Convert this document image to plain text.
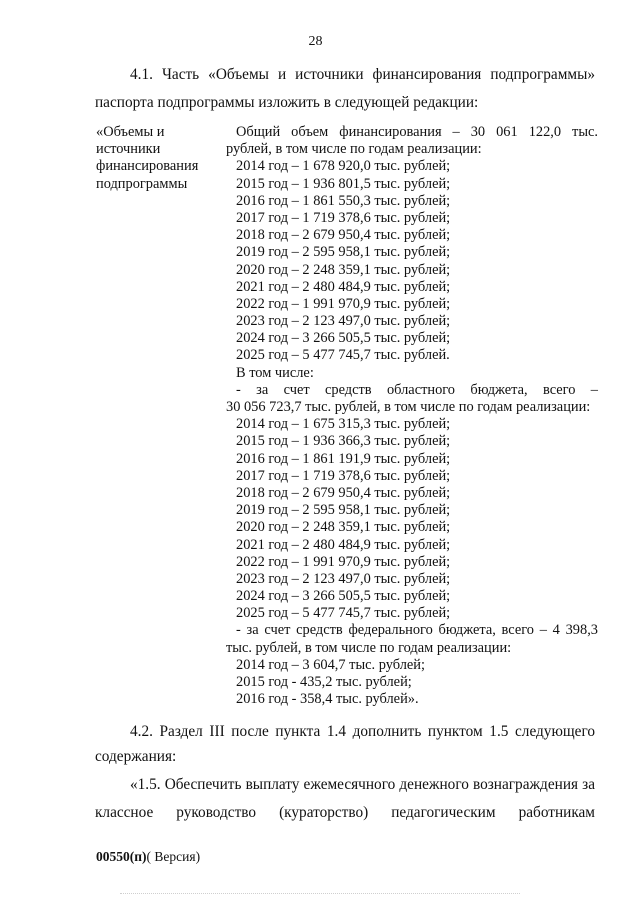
28

4.1. Часть «Объемы и источники финансирования подпрограммы»

паспорта подпрограммы изложить в следующей редакции:

«Объемы и
источники
финансирования
подпрограммы
Общий объем финансирования – 30 061 122,0 тыс.
рублей, в том числе по годам реализации:
2014 год – 1 678 920,0 тыс. рублей;
2015 год – 1 936 801,5 тыс. рублей;
2016 год – 1 861 550,3 тыс. рублей;
2017 год – 1 719 378,6 тыс. рублей;
2018 год – 2 679 950,4 тыс. рублей;
2019 год – 2 595 958,1 тыс. рублей;
2020 год – 2 248 359,1 тыс. рублей;
2021 год – 2 480 484,9 тыс. рублей;
2022 год – 1 991 970,9 тыс. рублей;
2023 год – 2 123 497,0 тыс. рублей;
2024 год – 3 266 505,5 тыс. рублей;
2025 год – 5 477 745,7 тыс. рублей.
В том числе:
- за счет средств областного бюджета, всего –
30 056 723,7 тыс. рублей, в том числе по годам реализации:
2014 год – 1 675 315,3 тыс. рублей;
2015 год – 1 936 366,3 тыс. рублей;
2016 год – 1 861 191,9 тыс. рублей;
2017 год – 1 719 378,6 тыс. рублей;
2018 год – 2 679 950,4 тыс. рублей;
2019 год – 2 595 958,1 тыс. рублей;
2020 год – 2 248 359,1 тыс. рублей;
2021 год – 2 480 484,9 тыс. рублей;
2022 год – 1 991 970,9 тыс. рублей;
2023 год – 2 123 497,0 тыс. рублей;
2024 год – 3 266 505,5 тыс. рублей;
2025 год – 5 477 745,7 тыс. рублей;
- за счет средств федерального бюджета, всего – 4 398,3
тыс. рублей, в том числе по годам реализации:
2014 год – 3 604,7 тыс. рублей;
2015 год - 435,2 тыс. рублей;
2016 год - 358,4 тыс. рублей».

4.2. Раздел III после пункта 1.4 дополнить пунктом 1.5 следующего

содержания:

«1.5. Обеспечить выплату ежемесячного денежного вознаграждения за

классное руководство (кураторство) педагогическим работникам

00550(п)( Версия)
